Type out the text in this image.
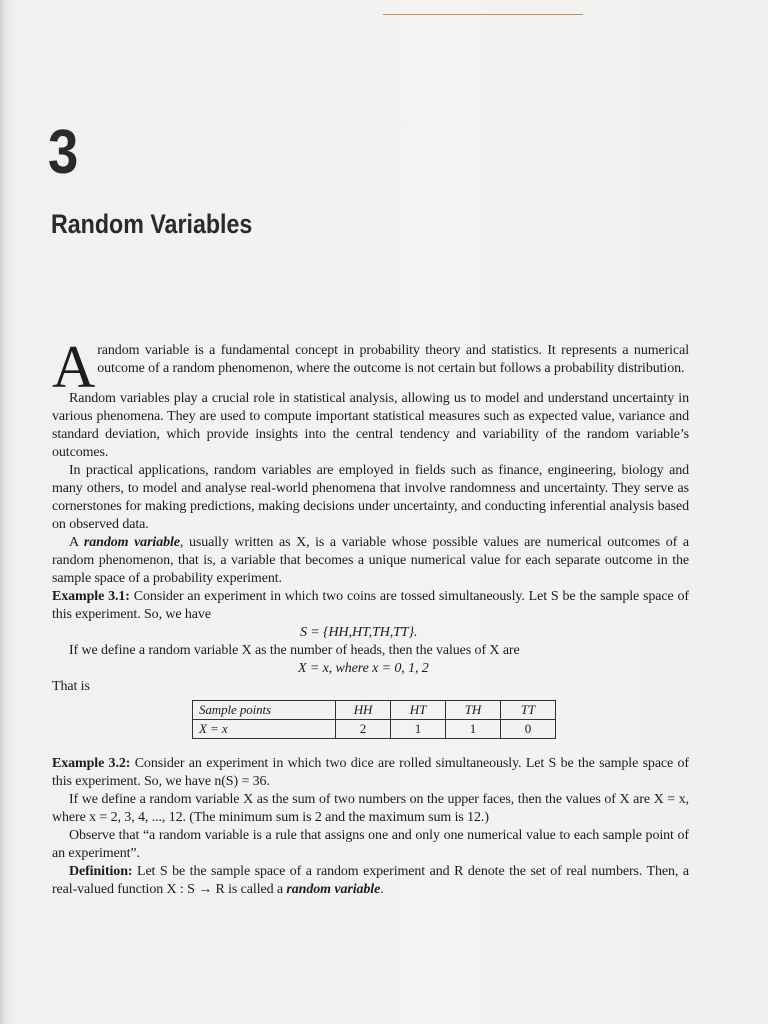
3
Random Variables

Arandom variable is a fundamental concept in probability theory and statistics. It represents a numerical outcome of a random phenomenon, where the outcome is not certain but follows a probability distribution.

Random variables play a crucial role in statistical analysis, allowing us to model and understand uncertainty in various phenomena. They are used to compute important statistical measures such as expected value, variance and standard deviation, which provide insights into the central tendency and variability of the random variable’s outcomes.

In practical applications, random variables are employed in fields such as finance, engineering, biology and many others, to model and analyse real-world phenomena that involve randomness and uncertainty. They serve as cornerstones for making predictions, making decisions under uncertainty, and conducting inferential analysis based on observed data.

A random variable, usually written as X, is a variable whose possible values are numerical outcomes of a random phenomenon, that is, a variable that becomes a unique numerical value for each separate outcome in the sample space of a probability experiment.

Example 3.1: Consider an experiment in which two coins are tossed simultaneously. Let S be the sample space of this experiment. So, we have

S = {HH,HT,TH,TT}.

If we define a random variable X as the number of heads, then the values of X are

X = x, where x = 0, 1, 2

That is

Sample points	HH	HT	TH	TT
X = x	2	1	1	0

Example 3.2: Consider an experiment in which two dice are rolled simultaneously. Let S be the sample space of this experiment. So, we have n(S) = 36.

If we define a random variable X as the sum of two numbers on the upper faces, then the values of X are X = x, where x = 2, 3, 4, ..., 12. (The minimum sum is 2 and the maximum sum is 12.)

Observe that “a random variable is a rule that assigns one and only one numerical value to each sample point of an experiment”.

Definition: Let S be the sample space of a random experiment and R denote the set of real numbers. Then, a real-valued function X : S → R is called a random variable.
